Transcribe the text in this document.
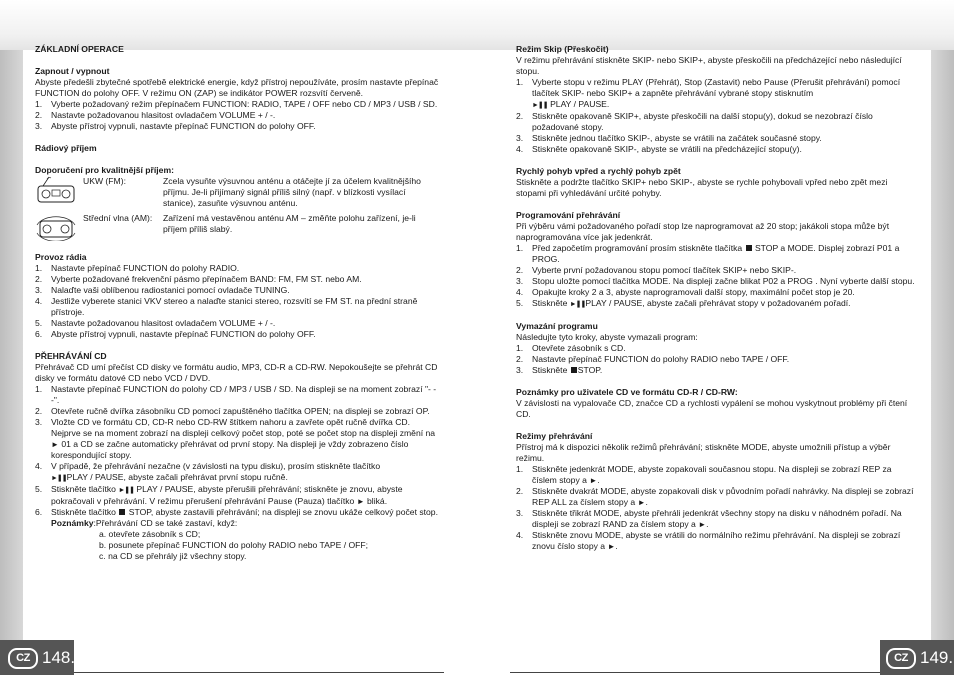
ZÁKLADNÍ OPERACE

Zapnout / vypnout

Abyste předešli zbytečné spotřebě elektrické energie, když přístroj nepoužíváte, prosím nastavte přepínač FUNCTION do polohy OFF. V režimu ON (ZAP) se indikátor POWER rozsvítí červeně.

1. Vyberte požadovaný režim přepínačem FUNCTION: RADIO, TAPE / OFF nebo CD / MP3 / USB / SD.
2. Nastavte požadovanou hlasitost ovladačem VOLUME + / -.
3. Abyste přístroj vypnuli, nastavte přepínač FUNCTION do polohy OFF.

Rádiový příjem

Doporučení pro kvalitnější příjem:

UKW (FM):	Zcela vysuňte výsuvnou anténu a otáčejte jí za účelem kvalitnějšího příjmu. Je-li přijímaný signál příliš silný (např. v blízkosti vysílací stanice), zasuňte výsuvnou anténu.
Střední vlna (AM):	Zařízení má vestavěnou anténu AM – změňte polohu zařízení, je-li příjem příliš slabý.

Provoz rádia

1. Nastavte přepínač FUNCTION do polohy RADIO.
2. Vyberte požadované frekvenční pásmo přepínačem BAND: FM, FM ST. nebo AM.
3. Nalaďte vaši oblíbenou radiostanici pomocí ovladače TUNING.
4. Jestliže vyberete stanici VKV stereo a nalaďte stanici stereo, rozsvítí se FM ST. na přední straně přístroje.
5. Nastavte požadovanou hlasitost ovladačem VOLUME + / -.
6. Abyste přístroj vypnuli, nastavte přepínač FUNCTION do polohy OFF.

PŘEHRÁVÁNÍ CD

Přehrávač CD umí přečíst CD disky ve formátu audio, MP3, CD-R a CD-RW. Nepokoušejte se přehrát CD disky ve formátu datové CD nebo VCD / DVD.

1. Nastavte přepínač FUNCTION do polohy CD / MP3 / USB / SD. Na displeji se na moment zobrazí "- - -".
2. Otevřete ručně dvířka zásobníku CD pomocí zapuštěného tlačítka OPEN; na displeji se zobrazí OP.
3. Vložte CD ve formátu CD, CD-R nebo CD-RW štítkem nahoru a zavřete opět ručně dvířka CD. Nejprve se na moment zobrazí na displeji celkový počet stop, poté se počet stop na displeji změní na ► 01 a CD se začne automaticky přehrávat od první stopy. Na displeji je vždy zobrazeno číslo korespondující stopy.
4. V případě, že přehrávání nezačne (v závislosti na typu disku), prosím stiskněte tlačítko
►❚❚PLAY / PAUSE, abyste začali přehrávat první stopu ručně.
5. Stiskněte tlačítko ►❚❚ PLAY / PAUSE, abyste přerušili přehrávání; stiskněte je znovu, abyste pokračovali v přehrávání. V režimu přerušení přehrávání Pause (Pauza) tlačítko ► bliká.
6. Stiskněte tlačítko STOP, abyste zastavili přehrávání; na displeji se znovu ukáže celkový počet stop.
Poznámky:Přehrávání CD se také zastaví, když:

a. otevřete zásobník s CD;

b. posunete přepínač FUNCTION do polohy RADIO nebo TAPE / OFF;

c. na CD se přehrály již všechny stopy.

Režim Skip (Přeskočit)

V režimu přehrávání stiskněte SKIP- nebo SKIP+, abyste přeskočili na předcházející nebo následující stopu.

1. Vyberte stopu v režimu PLAY (Přehrát), Stop (Zastavit) nebo Pause (Přerušit přehrávání) pomocí tlačítek SKIP- nebo SKIP+ a zapněte přehrávání vybrané stopy stisknutím
►❚❚ PLAY / PAUSE.
2. Stiskněte opakovaně SKIP+, abyste přeskočili na další stopu(y), dokud se nezobrazí číslo požadované stopy.
3. Stiskněte jednou tlačítko SKIP-, abyste se vrátili na začátek současné stopy.
4. Stiskněte opakovaně SKIP-, abyste se vrátili na předcházející stopu(y).

Rychlý pohyb vpřed a rychlý pohyb zpět

Stiskněte a podržte tlačítko SKIP+ nebo SKIP-, abyste se rychle pohybovali vpřed nebo zpět mezi stopami při vyhledávání určité pohyby.

Programování přehrávání

Při výběru vámi požadovaného pořadí stop lze naprogramovat až 20 stop; jakákoli stopa může být naprogramována více jak jedenkrát.

1. Před započetím programování prosím stiskněte tlačítka STOP a MODE. Displej zobrazí P01 a PROG.
2. Vyberte první požadovanou stopu pomocí tlačítek SKIP+ nebo SKIP-.
3. Stopu uložte pomocí tlačítka MODE. Na displeji začne blikat P02 a PROG . Nyní vyberte další stopu.
4. Opakujte kroky 2 a 3, abyste naprogramovali další stopy, maximální počet stop je 20.
5. Stiskněte ►❚❚PLAY / PAUSE, abyste začali přehrávat stopy v požadovaném pořadí.

Vymazání programu

Následujte tyto kroky, abyste vymazali program:

1. Otevřete zásobník s CD.
2. Nastavte přepínač FUNCTION do polohy RADIO nebo TAPE / OFF.
3. Stiskněte STOP.

Poznámky pro uživatele CD ve formátu CD-R / CD-RW:

V závislosti na vypalovače CD, značce CD a rychlosti vypálení se mohou vyskytnout problémy při čtení CD.

Režimy přehrávání

Přístroj má k dispozici několik režimů přehrávání; stiskněte MODE, abyste umožnili přístup a výběr režimu.

1. Stiskněte jedenkrát MODE, abyste zopakovali současnou stopu. Na displeji se zobrazí REP za číslem stopy a ►.
2. Stiskněte dvakrát MODE, abyste zopakovali disk v původním pořadí nahrávky. Na displeji se zobrazí REP ALL za číslem stopy a ►.
3. Stiskněte třikrát MODE, abyste přehráli jedenkrát všechny stopy na disku v náhodném pořadí. Na displeji se zobrazí RAND za číslem stopy a ►.
4. Stiskněte znovu MODE, abyste se vrátili do normálního režimu přehrávání. Na displeji se zobrazí znovu číslo stopy a ►.
CZ 148.	CZ 149.
